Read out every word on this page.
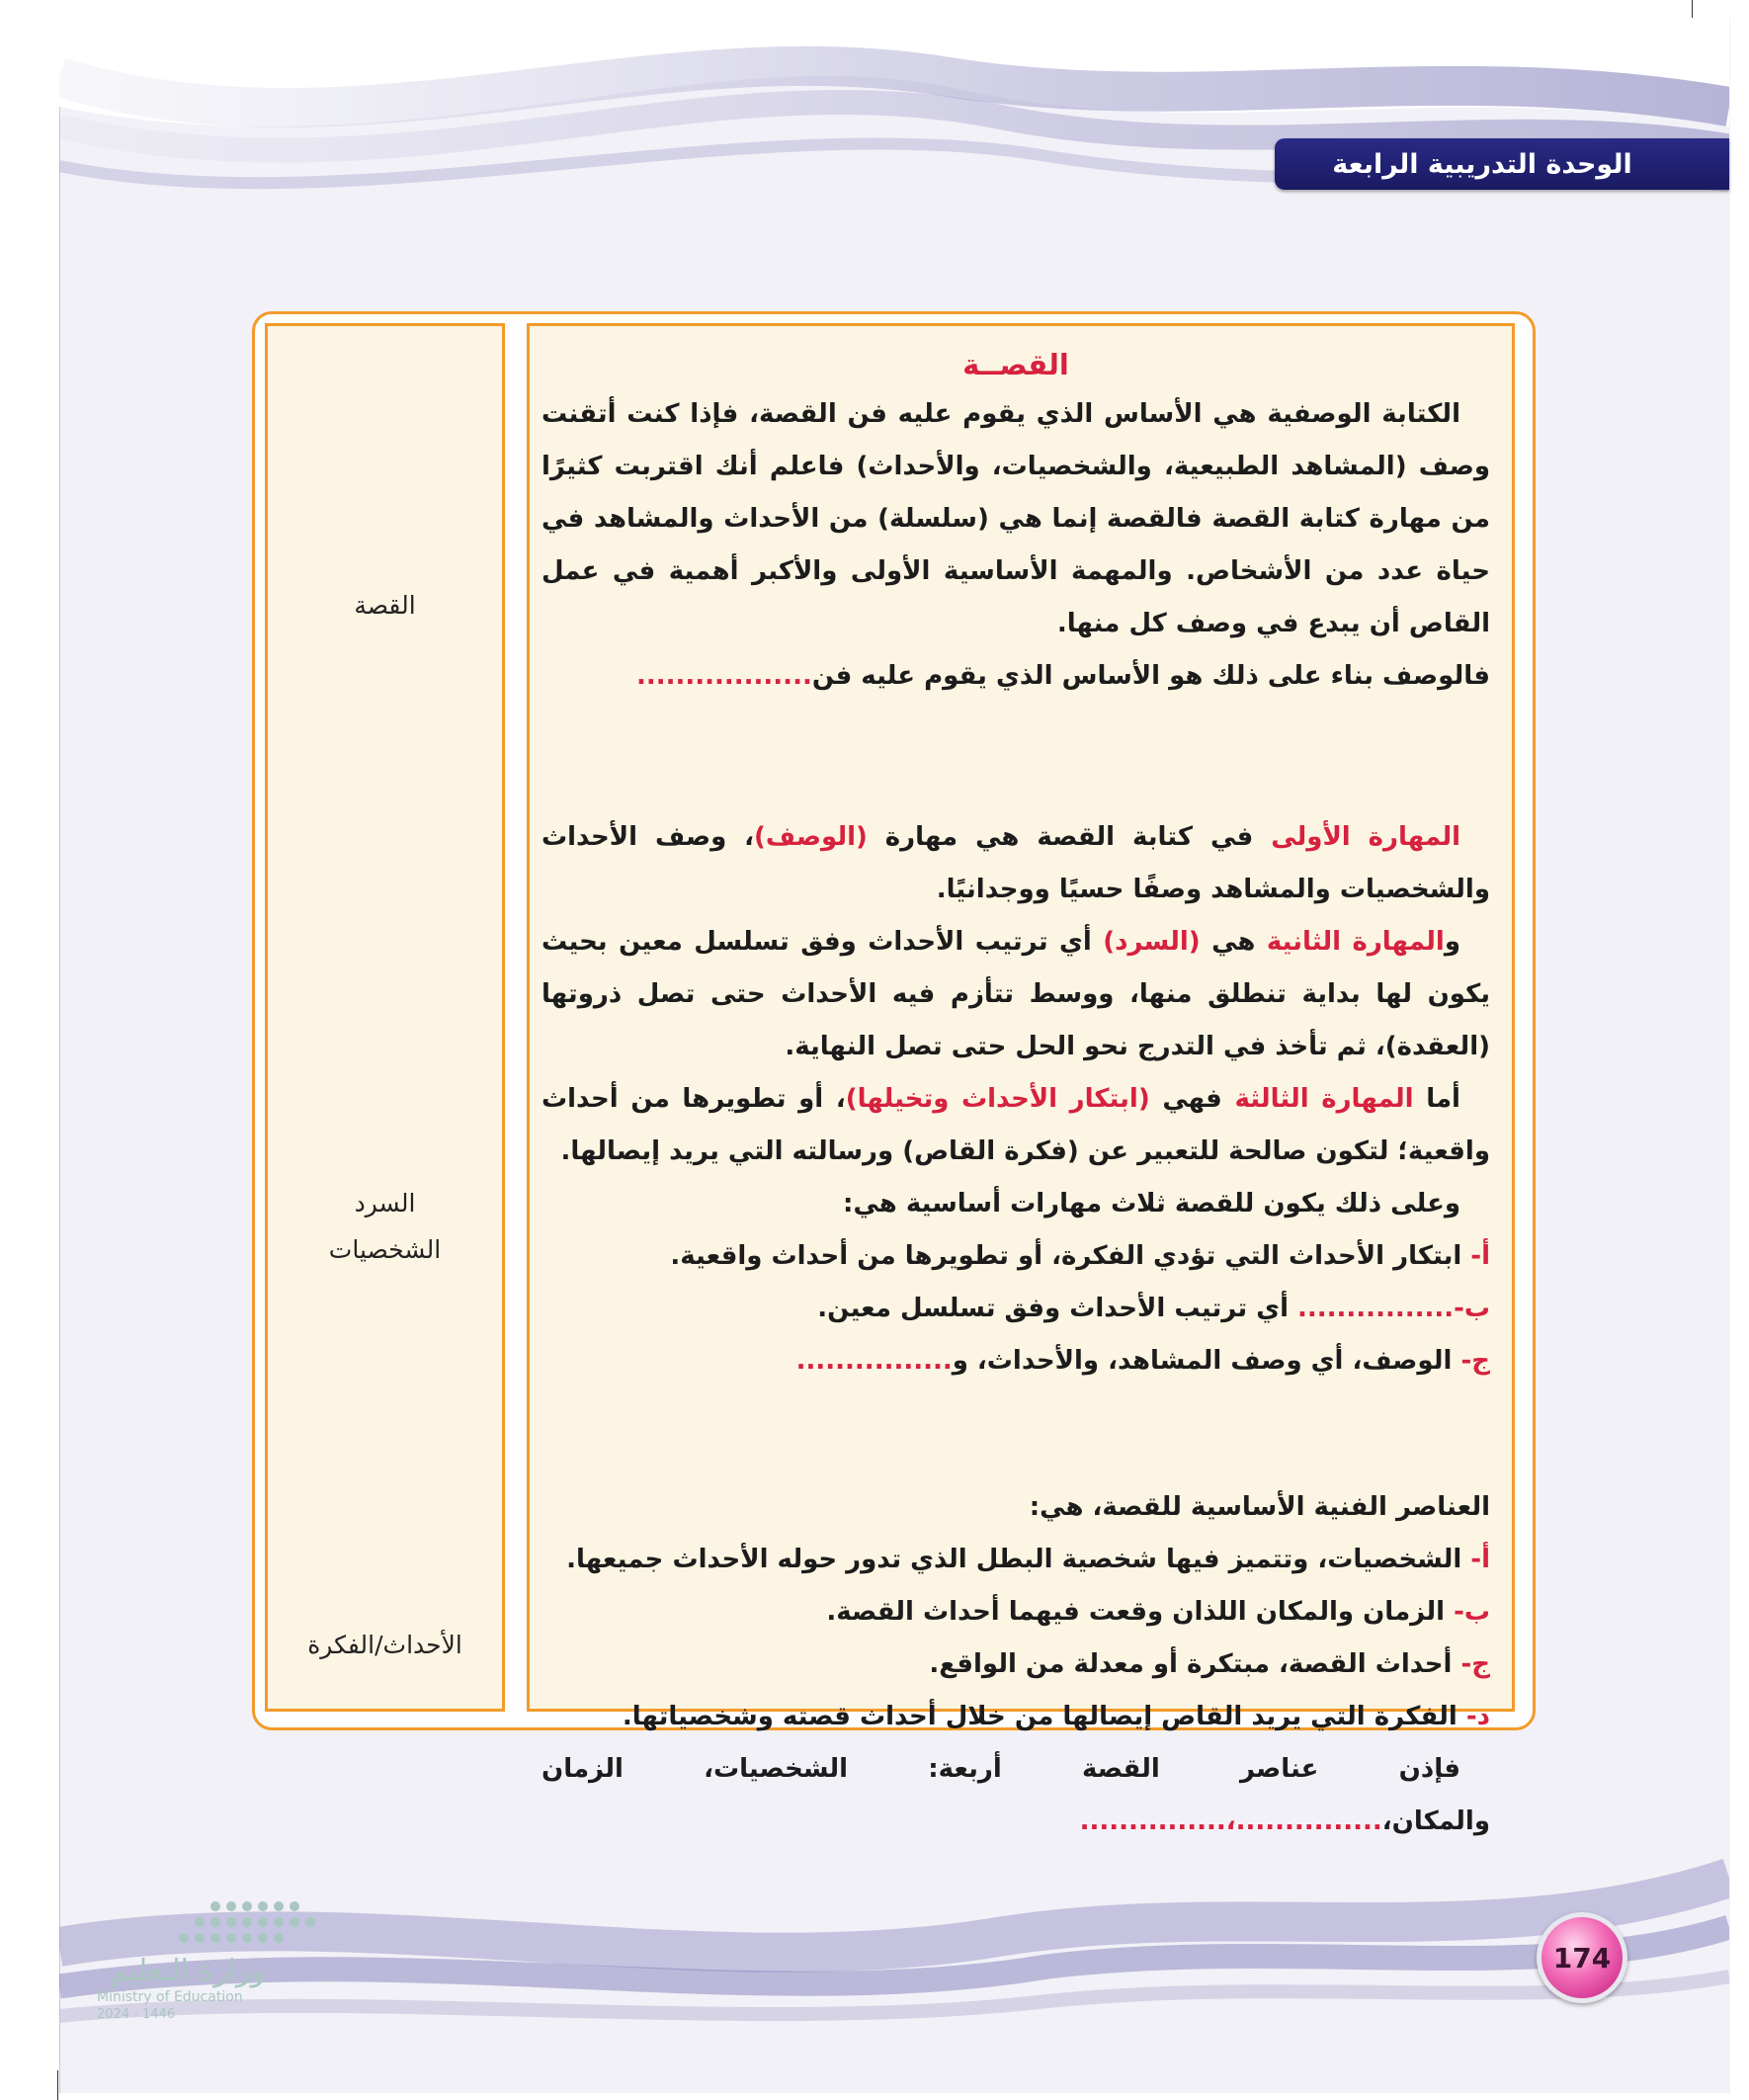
الوحدة التدريبية الرابعة
القصة
السرد
الشخصيات
الأحداث/الفكرة

القصــة

الكتابة الوصفية هي الأساس الذي يقوم عليه فن القصة، فإذا كنت أتقنت وصف (المشاهد الطبيعية، والشخصيات، والأحداث) فاعلم أنك اقتربت كثيرًا من مهارة كتابة القصة فالقصة إنما هي (سلسلة) من الأحداث والمشاهد في حياة عدد من الأشخاص. والمهمة الأساسية الأولى والأكبر أهمية في عمل القاص أن يبدع في وصف كل منها.

فالوصف بناء على ذلك هو الأساس الذي يقوم عليه فن..................

المهارة الأولى في كتابة القصة هي مهارة (الوصف)، وصف الأحداث والشخصيات والمشاهد وصفًا حسيًا ووجدانيًا.

والمهارة الثانية هي (السرد) أي ترتيب الأحداث وفق تسلسل معين بحيث يكون لها بداية تنطلق منها، ووسط تتأزم فيه الأحداث حتى تصل ذروتها (العقدة)، ثم تأخذ في التدرج نحو الحل حتى تصل النهاية.

أما المهارة الثالثة فهي (ابتكار الأحداث وتخيلها)، أو تطويرها من أحداث واقعية؛ لتكون صالحة للتعبير عن (فكرة القاص) ورسالته التي يريد إيصالها.

وعلى ذلك يكون للقصة ثلاث مهارات أساسية هي:

أ- ابتكار الأحداث التي تؤدي الفكرة، أو تطويرها من أحداث واقعية.

ب-................ أي ترتيب الأحداث وفق تسلسل معين.

ج- الوصف، أي وصف المشاهد، والأحداث، و................

العناصر الفنية الأساسية للقصة، هي:

أ- الشخصيات، وتتميز فيها شخصية البطل الذي تدور حوله الأحداث جميعها.

ب- الزمان والمكان اللذان وقعت فيهما أحداث القصة.

ج- أحداث القصة، مبتكرة أو معدلة من الواقع.

د- الفكرة التي يريد القاص إيصالها من خلال أحداث قصته وشخصياتها.

فإذن عناصر القصة أربعة: الشخصيات، الزمان والمكان،...............،...............

وزارة التعليم
Ministry of Education
2024 - 1446
174
